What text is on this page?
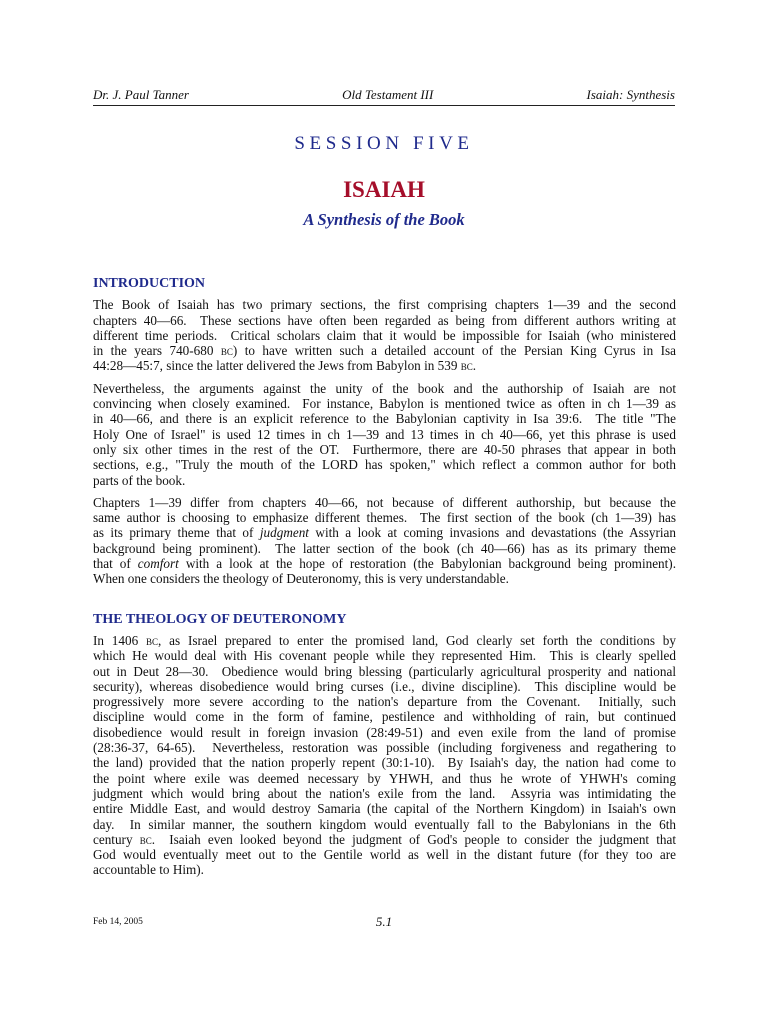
Dr. J. Paul Tanner	Old Testament III	Isaiah: Synthesis
SESSION FIVE
ISAIAH
A Synthesis of the Book
INTRODUCTION
The Book of Isaiah has two primary sections, the first comprising chapters 1—39 and the second
chapters 40—66.  These sections have often been regarded as being from different authors writing at
different time periods.  Critical scholars claim that it would be impossible for Isaiah (who ministered
in the years 740-680 bc) to have written such a detailed account of the Persian King Cyrus in Isa
44:28—45:7, since the latter delivered the Jews from Babylon in 539 bc.
Nevertheless, the arguments against the unity of the book and the authorship of Isaiah are not
convincing when closely examined.  For instance, Babylon is mentioned twice as often in ch 1—39 as
in 40—66, and there is an explicit reference to the Babylonian captivity in Isa 39:6.  The title "The
Holy One of Israel" is used 12 times in ch 1—39 and 13 times in ch 40—66, yet this phrase is used
only six other times in the rest of the OT.  Furthermore, there are 40-50 phrases that appear in both
sections, e.g., "Truly the mouth of the LORD has spoken," which reflect a common author for both
parts of the book.
Chapters 1—39 differ from chapters 40—66, not because of different authorship, but because the
same author is choosing to emphasize different themes.  The first section of the book (ch 1—39) has
as its primary theme that of judgment with a look at coming invasions and devastations (the Assyrian
background being prominent).  The latter section of the book (ch 40—66) has as its primary theme
that of comfort with a look at the hope of restoration (the Babylonian background being prominent).
When one considers the theology of Deuteronomy, this is very understandable.
THE THEOLOGY OF DEUTERONOMY
In 1406 bc, as Israel prepared to enter the promised land, God clearly set forth the conditions by
which He would deal with His covenant people while they represented Him.  This is clearly spelled
out in Deut 28—30.  Obedience would bring blessing (particularly agricultural prosperity and national
security), whereas disobedience would bring curses (i.e., divine discipline).  This discipline would be
progressively more severe according to the nation's departure from the Covenant.  Initially, such
discipline would come in the form of famine, pestilence and withholding of rain, but continued
disobedience would result in foreign invasion (28:49-51) and even exile from the land of promise
(28:36-37, 64-65).  Nevertheless, restoration was possible (including forgiveness and regathering to
the land) provided that the nation properly repent (30:1-10).  By Isaiah's day, the nation had come to
the point where exile was deemed necessary by YHWH, and thus he wrote of YHWH's coming
judgment which would bring about the nation's exile from the land.  Assyria was intimidating the
entire Middle East, and would destroy Samaria (the capital of the Northern Kingdom) in Isaiah's own
day.  In similar manner, the southern kingdom would eventually fall to the Babylonians in the 6th
century bc.  Isaiah even looked beyond the judgment of God's people to consider the judgment that
God would eventually meet out to the Gentile world as well in the distant future (for they too are
accountable to Him).
Feb 14, 2005	5.1
